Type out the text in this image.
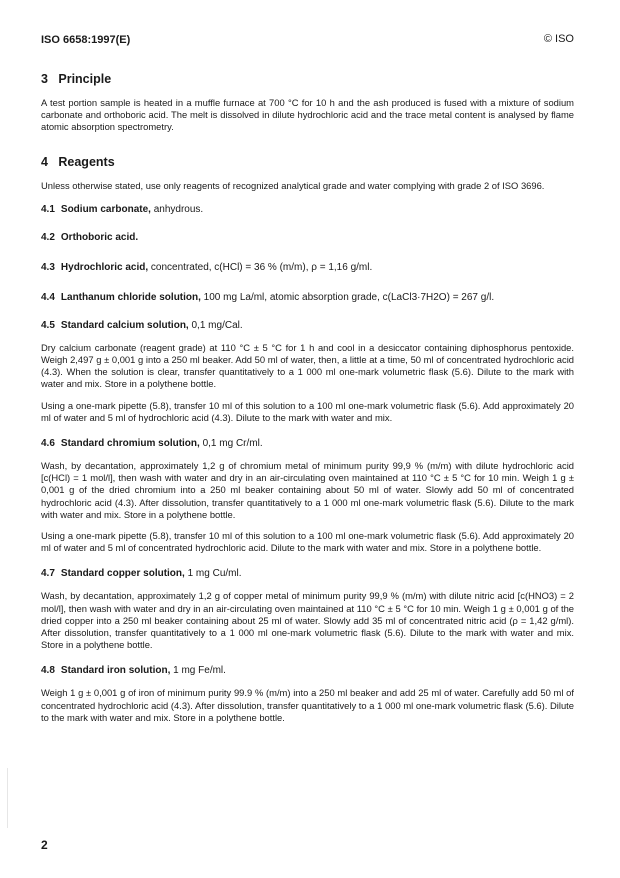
ISO 6658:1997(E)	© ISO
3 Principle

A test portion sample is heated in a muffle furnace at 700 °C for 10 h and the ash produced is fused with a mixture of sodium carbonate and orthoboric acid. The melt is dissolved in dilute hydrochloric acid and the trace metal content is analysed by flame atomic absorption spectrometry.

4 Reagents

Unless otherwise stated, use only reagents of recognized analytical grade and water complying with grade 2 of ISO 3696.

4.1 Sodium carbonate, anhydrous.
4.2 Orthoboric acid.
4.3 Hydrochloric acid, concentrated, c(HCl) = 36 % (m/m), ρ = 1,16 g/ml.
4.4 Lanthanum chloride solution, 100 mg La/ml, atomic absorption grade, c(LaCl3·7H2O) = 267 g/l.
4.5 Standard calcium solution, 0,1 mg/Cal.

Dry calcium carbonate (reagent grade) at 110 °C ± 5 °C for 1 h and cool in a desiccator containing diphosphorus pentoxide. Weigh 2,497 g ± 0,001 g into a 250 ml beaker. Add 50 ml of water, then, a little at a time, 50 ml of concentrated hydrochloric acid (4.3). When the solution is clear, transfer quantitatively to a 1 000 ml one-mark volumetric flask (5.6). Dilute to the mark with water and mix. Store in a polythene bottle.

Using a one-mark pipette (5.8), transfer 10 ml of this solution to a 100 ml one-mark volumetric flask (5.6). Add approximately 20 ml of water and 5 ml of hydrochloric acid (4.3). Dilute to the mark with water and mix.

4.6 Standard chromium solution, 0,1 mg Cr/ml.

Wash, by decantation, approximately 1,2 g of chromium metal of minimum purity 99,9 % (m/m) with dilute hydrochloric acid [c(HCl) = 1 mol/l], then wash with water and dry in an air-circulating oven maintained at 110 °C ± 5 °C for 10 min. Weigh 1 g ± 0,001 g of the dried chromium into a 250 ml beaker containing about 50 ml of water. Slowly add 50 ml of concentrated hydrochloric acid (4.3). After dissolution, transfer quantitatively to a 1 000 ml one-mark volumetric flask (5.6). Dilute to the mark with water and mix. Store in a polythene bottle.

Using a one-mark pipette (5.8), transfer 10 ml of this solution to a 100 ml one-mark volumetric flask (5.6). Add approximately 20 ml of water and 5 ml of concentrated hydrochloric acid. Dilute to the mark with water and mix. Store in a polythene bottle.

4.7 Standard copper solution, 1 mg Cu/ml.

Wash, by decantation, approximately 1,2 g of copper metal of minimum purity 99,9 % (m/m) with dilute nitric acid [c(HNO3) = 2 mol/l], then wash with water and dry in an air-circulating oven maintained at 110 °C ± 5 °C for 10 min. Weigh 1 g ± 0,001 g of the dried copper into a 250 ml beaker containing about 25 ml of water. Slowly add 35 ml of concentrated nitric acid (ρ = 1,42 g/ml). After dissolution, transfer quantitatively to a 1 000 ml one-mark volumetric flask (5.6). Dilute to the mark with water and mix. Store in a polythene bottle.

4.8 Standard iron solution, 1 mg Fe/ml.

Weigh 1 g ± 0,001 g of iron of minimum purity 99.9 % (m/m) into a 250 ml beaker and add 25 ml of water. Carefully add 50 ml of concentrated hydrochloric acid (4.3). After dissolution, transfer quantitatively to a 1 000 ml one-mark volumetric flask (5.6). Dilute to the mark with water and mix. Store in a polythene bottle.

2
